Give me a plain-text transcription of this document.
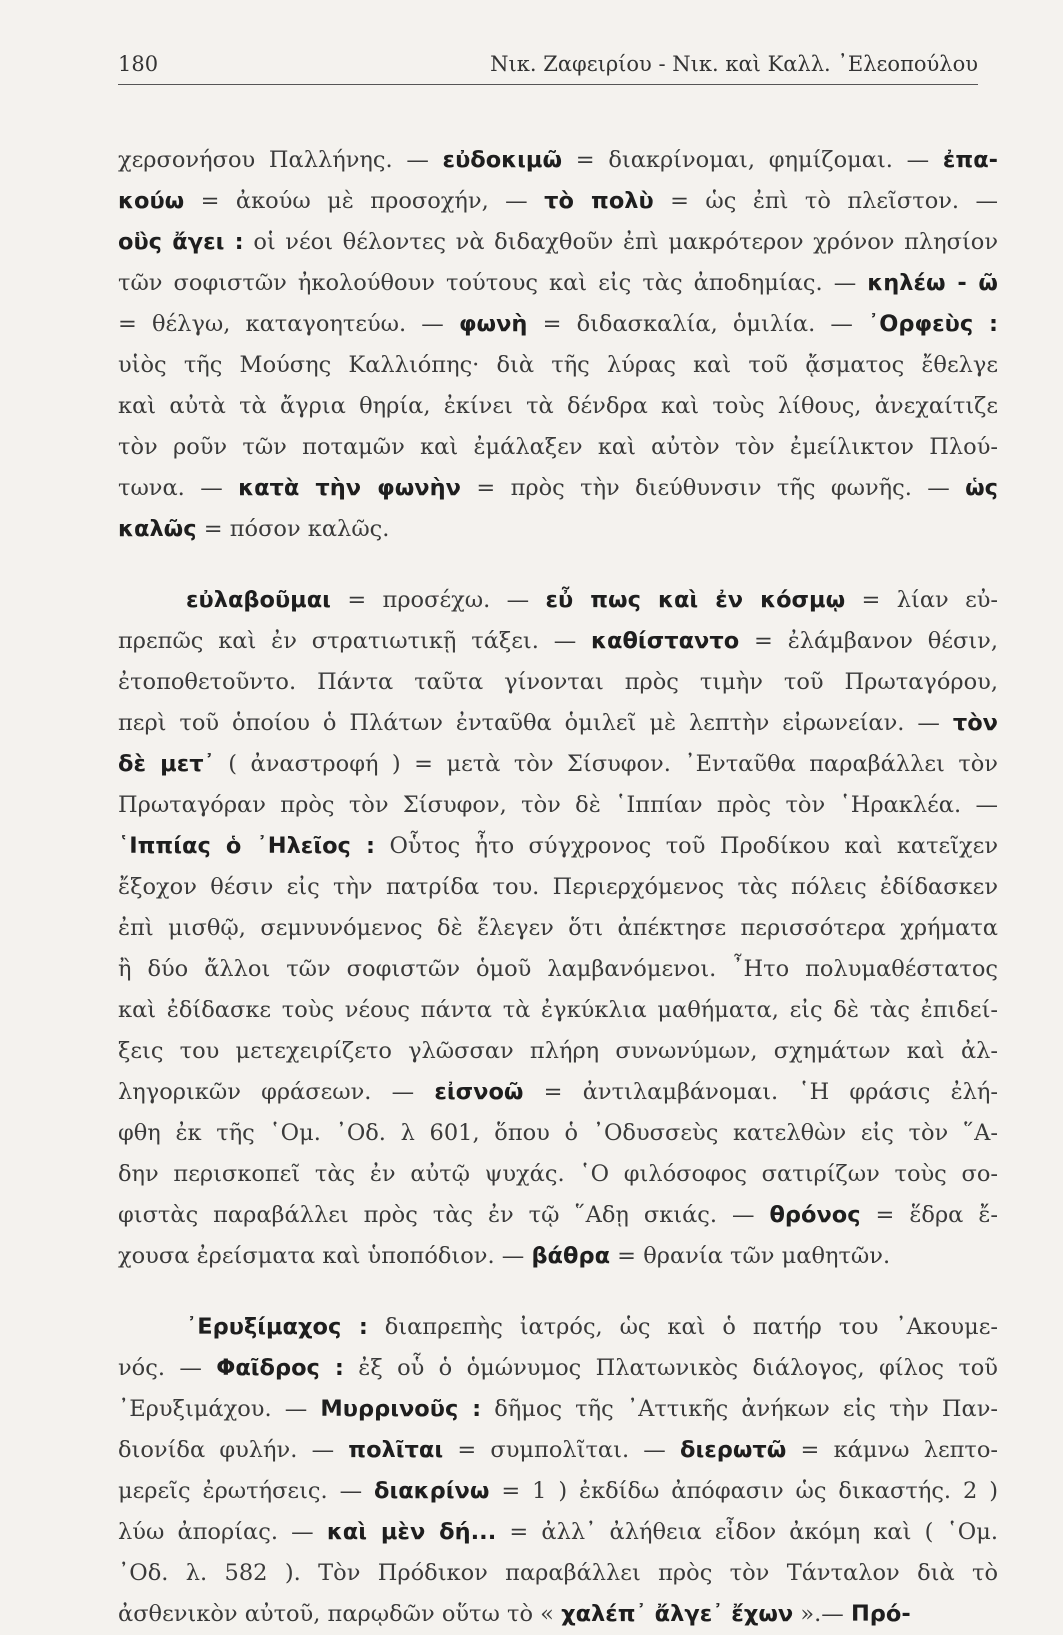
180	Νικ. Ζαφειρίου - Νικ. καὶ Καλλ. ᾿Ελεοπούλου
χερσονήσου Παλλήνης. — εὐδοκιμῶ = διακρίνομαι, φημίζομαι. — ἐπα-
κούω = ἀκούω μὲ προσοχήν, — τὸ πολὺ = ὡς ἐπὶ τὸ πλεῖστον. —
οὓς ἄγει : οἱ νέοι θέλοντες νὰ διδαχθοῦν ἐπὶ μακρότερον χρόνον πλησίον
τῶν σοφιστῶν ἠκολούθουν τούτους καὶ εἰς τὰς ἀποδημίας. — κηλέω - ῶ
= θέλγω, καταγοητεύω. — φωνὴ = διδασκαλία, ὁμιλία. — ᾿Ορφεὺς :
υἱὸς τῆς Μούσης Καλλιόπης· διὰ τῆς λύρας καὶ τοῦ ᾄσματος ἔθελγε
καὶ αὐτὰ τὰ ἄγρια θηρία, ἐκίνει τὰ δένδρα καὶ τοὺς λίθους, ἀνεχαίτιζε
τὸν ροῦν τῶν ποταμῶν καὶ ἐμάλαξεν καὶ αὐτὸν τὸν ἐμείλικτον Πλού-
τωνα. — κατὰ τὴν φωνὴν = πρὸς τὴν διεύθυνσιν τῆς φωνῆς. — ὡς
καλῶς = πόσον καλῶς.
εὐλαβοῦμαι = προσέχω. — εὖ πως καὶ ἐν κόσμῳ = λίαν εὐ-
πρεπῶς καὶ ἐν στρατιωτικῇ τάξει. — καθίσταντο = ἐλάμβανον θέσιν,
ἐτοποθετοῦντο. Πάντα ταῦτα γίνονται πρὸς τιμὴν τοῦ Πρωταγόρου,
περὶ τοῦ ὁποίου ὁ Πλάτων ἐνταῦθα ὁμιλεῖ μὲ λεπτὴν εἰρωνείαν. — τὸν
δὲ μετ᾿ ( ἀναστροφή ) = μετὰ τὸν Σίσυφον. ᾿Ενταῦθα παραβάλλει τὸν
Πρωταγόραν πρὸς τὸν Σίσυφον, τὸν δὲ ῾Ιππίαν πρὸς τὸν ῾Ηρακλέα. —
῾Ιππίας ὁ ᾿Ηλεῖος : Οὗτος ἦτο σύγχρονος τοῦ Προδίκου καὶ κατεῖχεν
ἔξοχον θέσιν εἰς τὴν πατρίδα του. Περιερχόμενος τὰς πόλεις ἐδίδασκεν
ἐπὶ μισθῷ, σεμνυνόμενος δὲ ἔλεγεν ὅτι ἀπέκτησε περισσότερα χρήματα
ἢ δύο ἄλλοι τῶν σοφιστῶν ὁμοῦ λαμβανόμενοι. ῏Ητο πολυμαθέστατος
καὶ ἐδίδασκε τοὺς νέους πάντα τὰ ἐγκύκλια μαθήματα, εἰς δὲ τὰς ἐπιδεί-
ξεις του μετεχειρίζετο γλῶσσαν πλήρη συνωνύμων, σχημάτων καὶ ἀλ-
ληγορικῶν φράσεων. — εἰσνοῶ = ἀντιλαμβάνομαι. ῾Η φράσις ἐλή-
φθη ἐκ τῆς ῾Ομ. ᾿Οδ. λ 601, ὅπου ὁ ᾿Οδυσσεὺς κατελθὼν εἰς τὸν ῞Α-
δην περισκοπεῖ τὰς ἐν αὐτῷ ψυχάς. ῾Ο φιλόσοφος σατιρίζων τοὺς σο-
φιστὰς παραβάλλει πρὸς τὰς ἐν τῷ ῞Αδῃ σκιάς. — θρόνος = ἕδρα ἔ-
χουσα ἐρείσματα καὶ ὑποπόδιον. — βάθρα = θρανία τῶν μαθητῶν.
᾿Ερυξίμαχος : διαπρεπὴς ἰατρός, ὡς καὶ ὁ πατήρ του ᾿Ακουμε-
νός. — Φαῖδρος : ἐξ οὗ ὁ ὁμώνυμος Πλατωνικὸς διάλογος, φίλος τοῦ
᾿Ερυξιμάχου. — Μυρρινοῦς : δῆμος τῆς ᾿Αττικῆς ἀνήκων εἰς τὴν Παν-
διονίδα φυλήν. — πολῖται = συμπολῖται. — διερωτῶ = κάμνω λεπτο-
μερεῖς ἐρωτήσεις. — διακρίνω = 1 ) ἐκδίδω ἀπόφασιν ὡς δικαστής. 2 )
λύω ἀπορίας. — καὶ μὲν δή... = ἀλλ᾿ ἀλήθεια εἶδον ἀκόμη καὶ ( ῾Ομ.
᾿Οδ. λ. 582 ). Τὸν Πρόδικον παραβάλλει πρὸς τὸν Τάνταλον διὰ τὸ
ἀσθενικὸν αὐτοῦ, παρῳδῶν οὕτω τὸ « χαλέπ᾿ ἄλγε᾿ ἔχων ».— Πρό-
